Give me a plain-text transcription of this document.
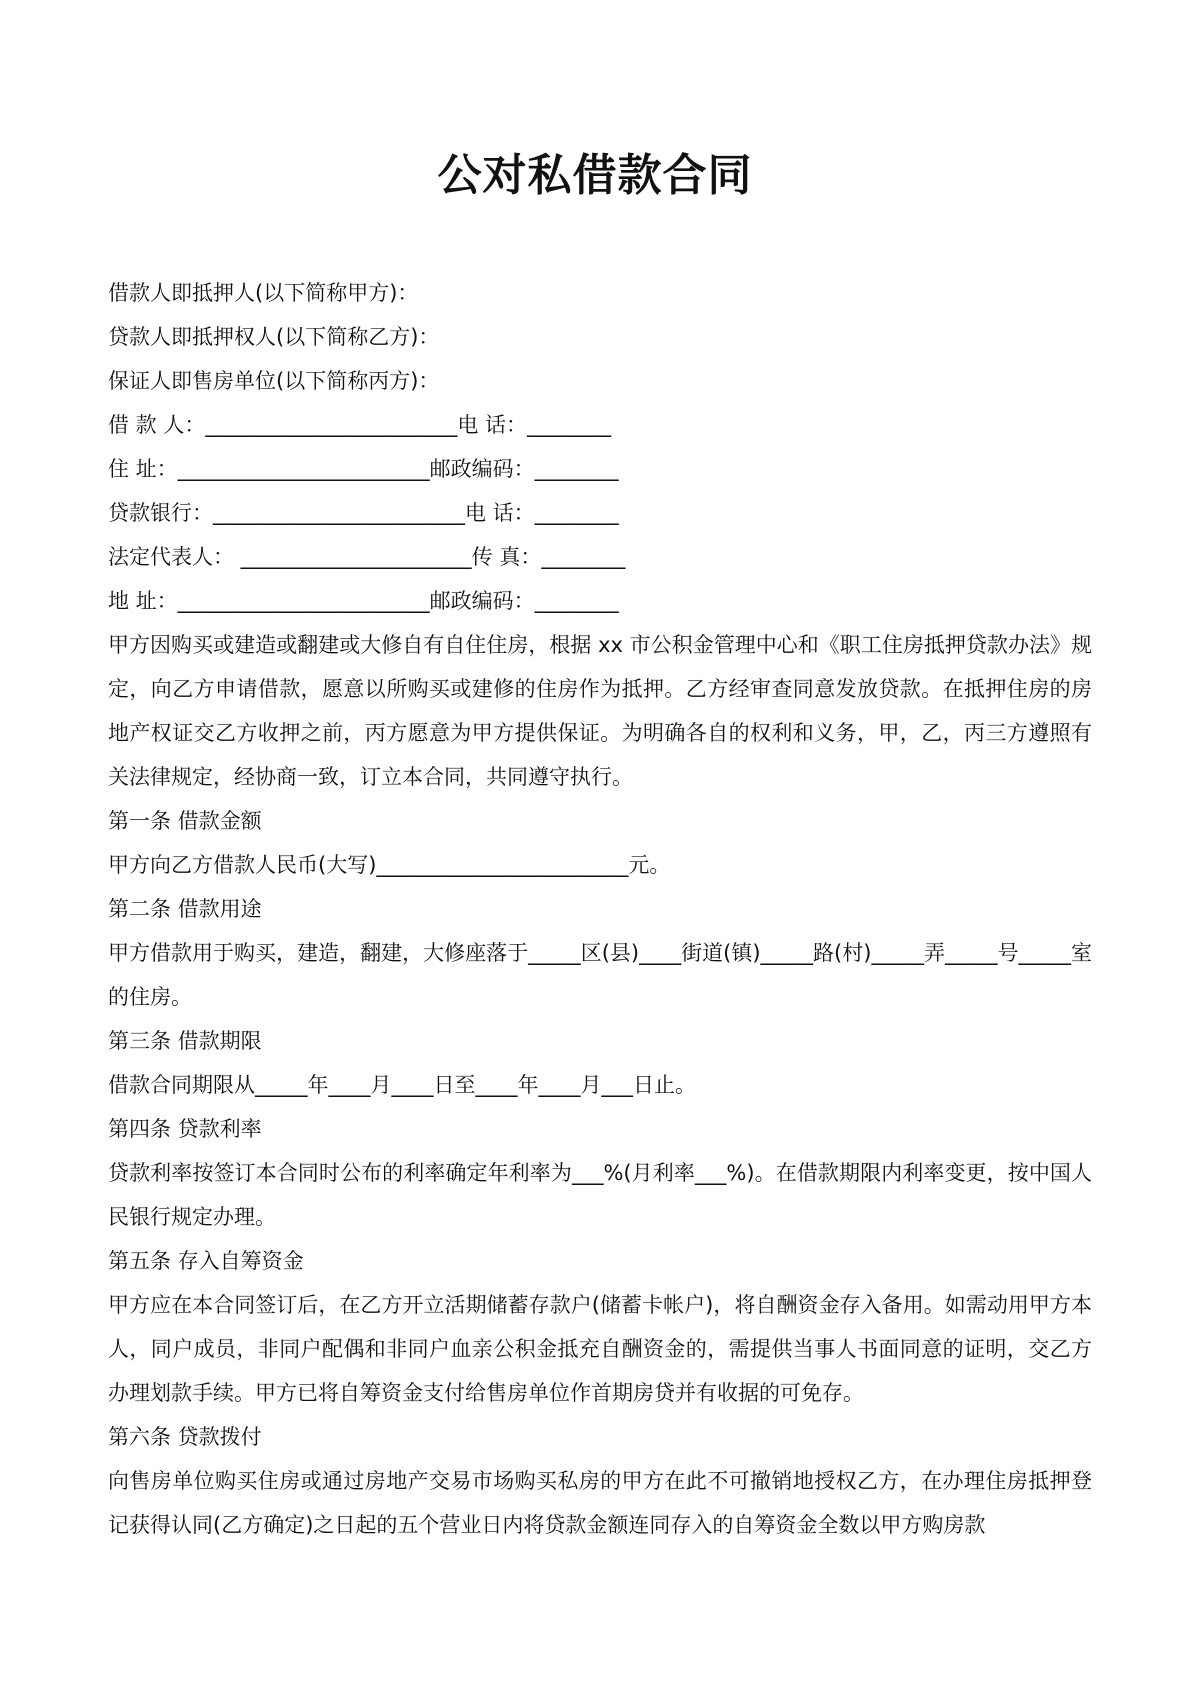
公对私借款合同
借款人即抵押人(以下简称甲方)：
贷款人即抵押权人(以下简称乙方)：
保证人即售房单位(以下简称丙方)：
借 款 人：________________________电 话：________
住 址：________________________邮政编码：________
贷款银行：________________________电 话：________
法定代表人： ______________________传 真：________
地 址：________________________邮政编码：________
甲方因购买或建造或翻建或大修自有自住住房，根据 xx 市公积金管理中心和《职工住房抵押贷款办法》规定，向乙方申请借款，愿意以所购买或建修的住房作为抵押。乙方经审查同意发放贷款。在抵押住房的房地产权证交乙方收押之前，丙方愿意为甲方提供保证。为明确各自的权利和义务，甲，乙，丙三方遵照有关法律规定，经协商一致，订立本合同，共同遵守执行。
第一条 借款金额
甲方向乙方借款人民币(大写)________________________元。
第二条 借款用途
甲方借款用于购买，建造，翻建，大修座落于_____区(县)____街道(镇)_____路(村)_____弄_____号_____室的住房。
第三条 借款期限
借款合同期限从_____年____月____日至____年____月___日止。
第四条 贷款利率
贷款利率按签订本合同时公布的利率确定年利率为___%(月利率___%)。在借款期限内利率变更，按中国人民银行规定办理。
第五条 存入自筹资金
甲方应在本合同签订后，在乙方开立活期储蓄存款户(储蓄卡帐户)，将自酬资金存入备用。如需动用甲方本人，同户成员，非同户配偶和非同户血亲公积金抵充自酬资金的，需提供当事人书面同意的证明，交乙方办理划款手续。甲方已将自筹资金支付给售房单位作首期房贷并有收据的可免存。
第六条 贷款拨付
向售房单位购买住房或通过房地产交易市场购买私房的甲方在此不可撤销地授权乙方，在办理住房抵押登记获得认同(乙方确定)之日起的五个营业日内将贷款金额连同存入的自筹资金全数以甲方购房款
